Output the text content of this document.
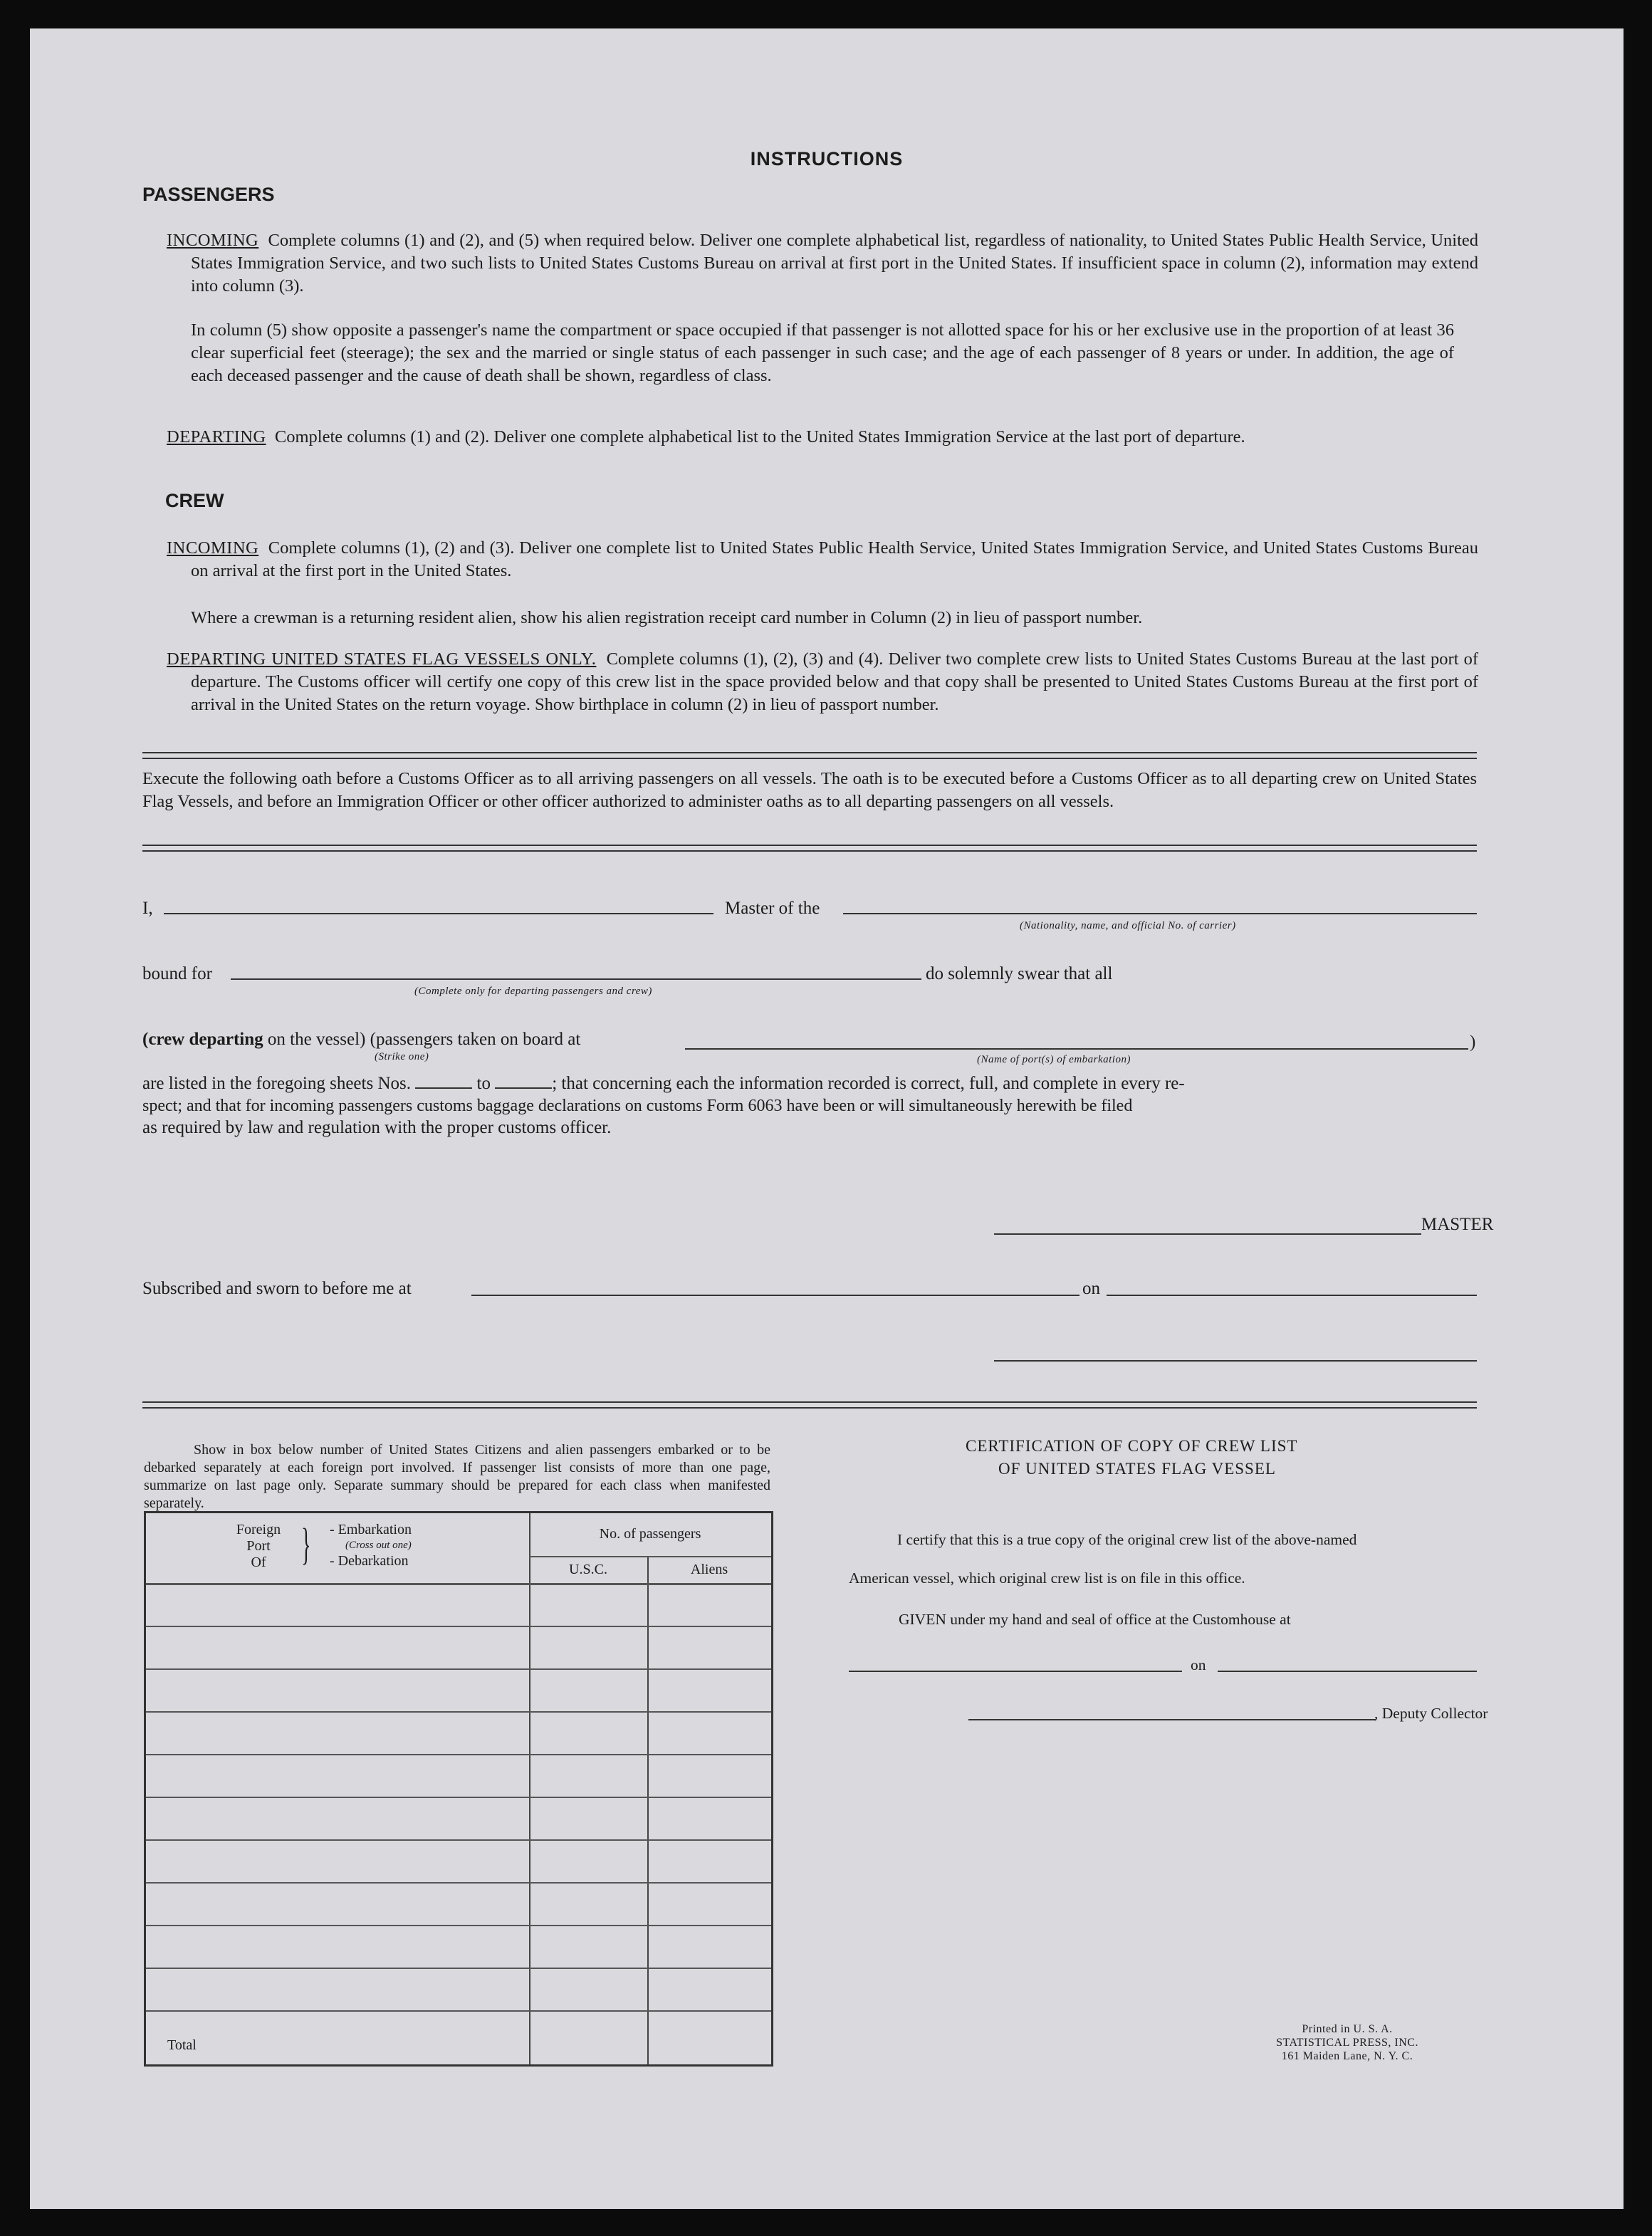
INSTRUCTIONS
PASSENGERS
INCOMING Complete columns (1) and (2), and (5) when required below. Deliver one complete alphabetical list, regardless of nationality, to United States Public Health Service, United States Immigration Service, and two such lists to United States Customs Bureau on arrival at first port in the United States. If insufficient space in column (2), information may extend into column (3).
In column (5) show opposite a passenger's name the compartment or space occupied if that passenger is not allotted space for his or her exclusive use in the proportion of at least 36 clear superficial feet (steerage); the sex and the married or single status of each passenger in such case; and the age of each passenger of 8 years or under. In addition, the age of each deceased passenger and the cause of death shall be shown, regardless of class.
DEPARTING Complete columns (1) and (2). Deliver one complete alphabetical list to the United States Immigration Service at the last port of departure.
CREW
INCOMING Complete columns (1), (2) and (3). Deliver one complete list to United States Public Health Service, United States Immigration Service, and United States Customs Bureau on arrival at the first port in the United States.
Where a crewman is a returning resident alien, show his alien registration receipt card number in Column (2) in lieu of passport number.
DEPARTING UNITED STATES FLAG VESSELS ONLY. Complete columns (1), (2), (3) and (4). Deliver two complete crew lists to United States Customs Bureau at the last port of departure. The Customs officer will certify one copy of this crew list in the space provided below and that copy shall be presented to United States Customs Bureau at the first port of arrival in the United States on the return voyage. Show birthplace in column (2) in lieu of passport number.
Execute the following oath before a Customs Officer as to all arriving passengers on all vessels. The oath is to be executed before a Customs Officer as to all departing crew on United States Flag Vessels, and before an Immigration Officer or other officer authorized to administer oaths as to all departing passengers on all vessels.
I,	Master of the
(Nationality, name, and official No. of carrier)
bound for
(Complete only for departing passengers and crew)
do solemnly swear that all
(crew departing on the vessel) (passengers taken on board at	)
(Strike one)	(Name of port(s) of embarkation)
are listed in the foregoing sheets Nos.	to	; that concerning each the information recorded is correct, full, and complete in every re-
spect; and that for incoming passengers customs baggage declarations on customs Form 6063 have been or will simultaneously herewith be filed
as required by law and regulation with the proper customs officer.
MASTER
Subscribed and sworn to before me at	on
Show in box below number of United States Citizens and alien passengers embarked or to be debarked separately at each foreign port involved. If passenger list consists of more than one page, summarize on last page only. Separate summary should be prepared for each class when manifested separately.
Foreign
Port
Of } - Embarkation
(Cross out one)
- Debarkation
No. of passengers
U.S.C.	Aliens
Total
CERTIFICATION OF COPY OF CREW LIST
OF UNITED STATES FLAG VESSEL
I certify that this is a true copy of the original crew list of the above-named
American vessel, which original crew list is on file in this office.
GIVEN under my hand and seal of office at the Customhouse at
on
, Deputy Collector
Printed in U. S. A.
STATISTICAL PRESS, INC.
161 Maiden Lane, N. Y. C.
